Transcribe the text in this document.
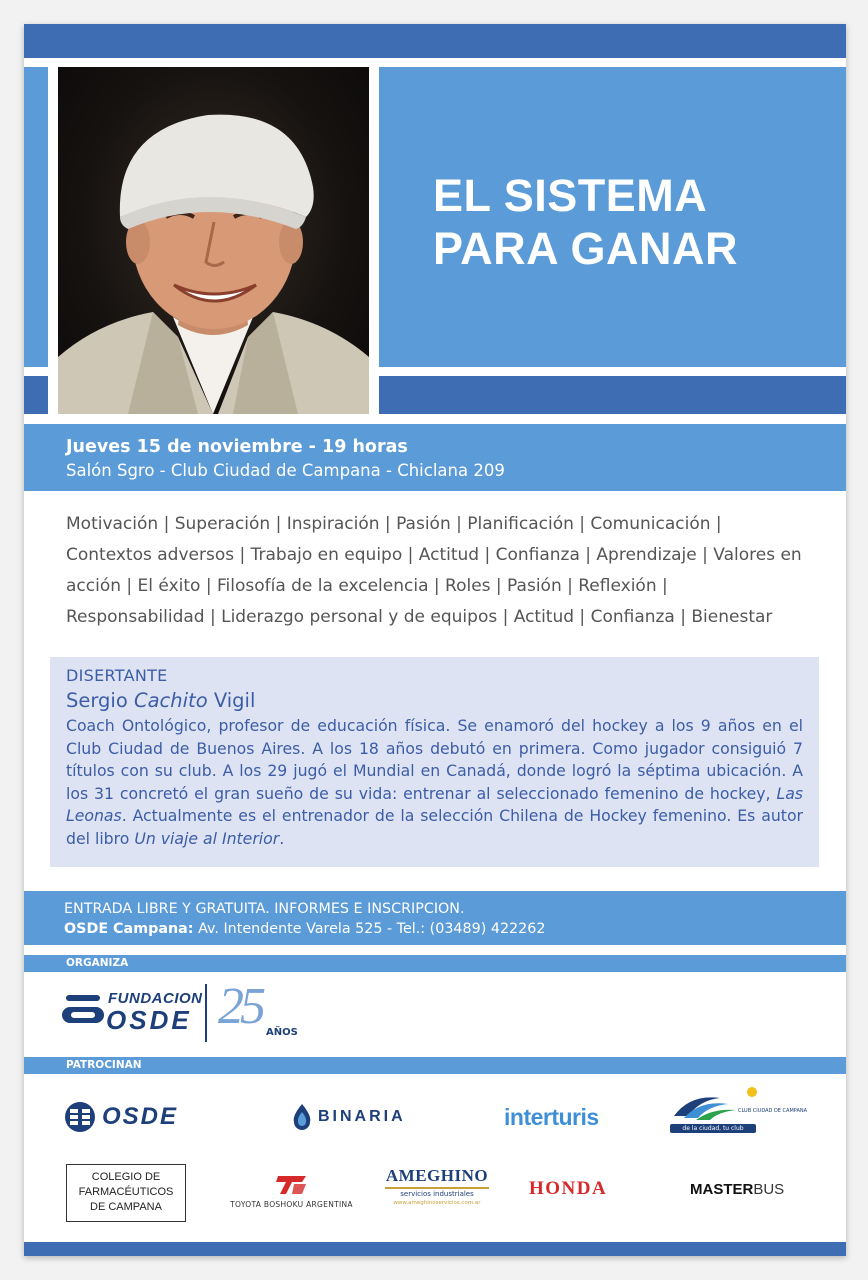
EL SISTEMA
PARA GANAR
Jueves 15 de noviembre - 19 horas
Salón Sgro - Club Ciudad de Campana - Chiclana 209
Motivación | Superación | Inspiración | Pasión | Planificación | Comunicación | Contextos adversos | Trabajo en equipo | Actitud | Confianza | Aprendizaje | Valores en acción | El éxito | Filosofía de la excelencia | Roles | Pasión | Reflexión | Responsabilidad | Liderazgo personal y de equipos | Actitud | Confianza | Bienestar
DISERTANTE
Sergio Cachito Vigil
Coach Ontológico, profesor de educación física. Se enamoró del hockey a los 9 años en el Club Ciudad de Buenos Aires. A los 18 años debutó en primera. Como jugador consiguió 7 títulos con su club. A los 29 jugó el Mundial en Canadá, donde logró la séptima ubicación. A los 31 concretó el gran sueño de su vida: entrenar al seleccionado femenino de hockey, Las Leonas. Actualmente es el entrenador de la selección Chilena de Hockey femenino. Es autor del libro Un viaje al Interior.
ENTRADA LIBRE Y GRATUITA. INFORMES E INSCRIPCION.
OSDE Campana: Av. Intendente Varela 525 - Tel.: (03489) 422262
ORGANIZA
FUNDACION
OSDE 25 AÑOS
PATROCINAN
OSDE	BINARIA	interturis	CLUB CIUDAD DE CAMPANA
de la ciudad, tu club
COLEGIO DE
FARMACÉUTICOS
DE CAMPANA	TOYOTA BOSHOKU ARGENTINA
AMEGHINO
servicios industriales
www.ameghinoservicios.com.ar
HONDA	MASTER BUS
